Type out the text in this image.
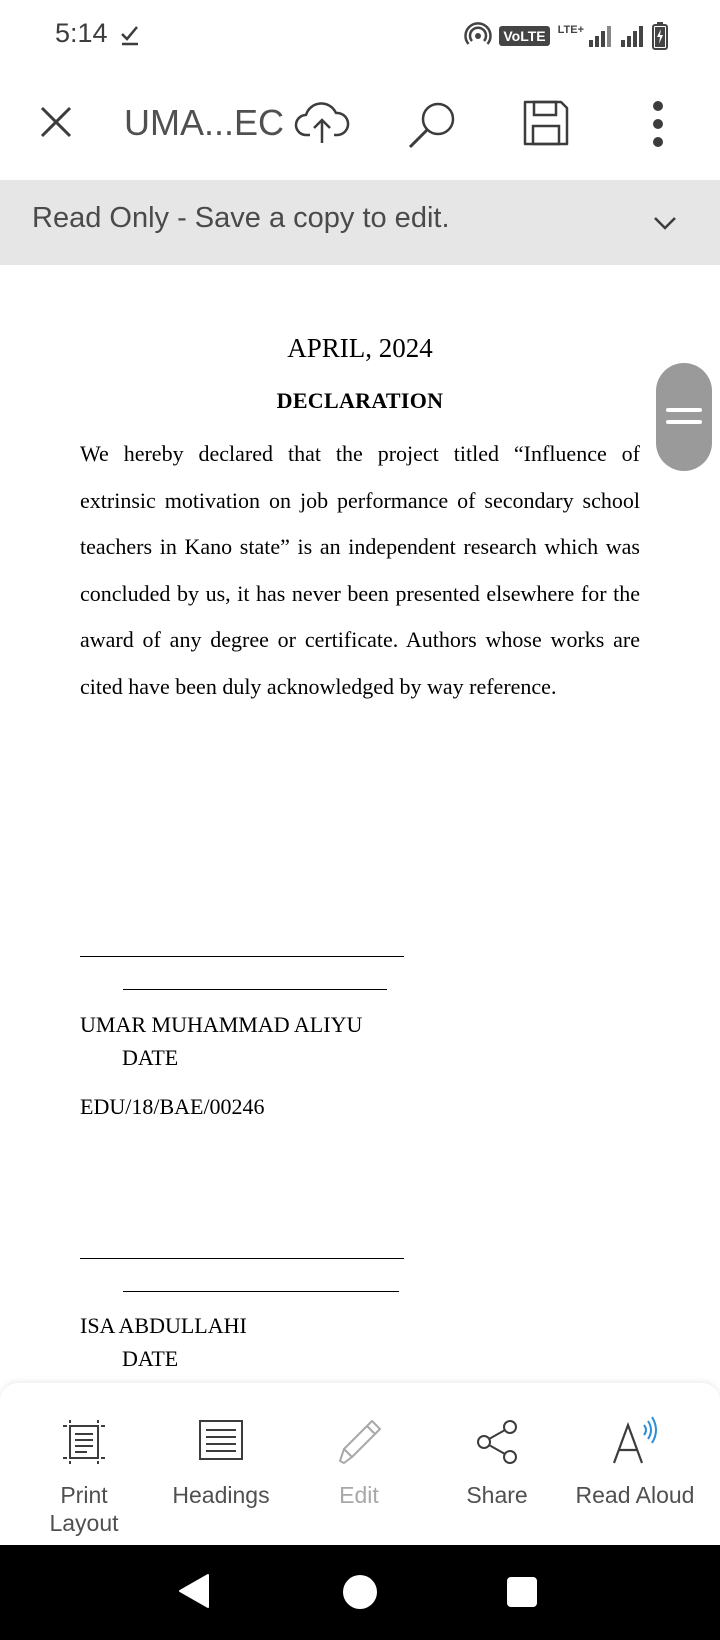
5:14	VoLTE	LTE+
UMA...EC
Read Only - Save a copy to edit.
APRIL, 2024
DECLARATION
We hereby declared that the project titled “Influence of extrinsic motivation on job performance of secondary school teachers in Kano state” is an independent research which was concluded by us, it has never been presented elsewhere for the award of any degree or certificate. Authors whose works are cited have been duly acknowledged by way reference.
UMAR MUHAMMAD ALIYU
DATE
EDU/18/BAE/00246
ISA ABDULLAHI
DATE
Print Layout
Headings	Edit	Share	Read Aloud
